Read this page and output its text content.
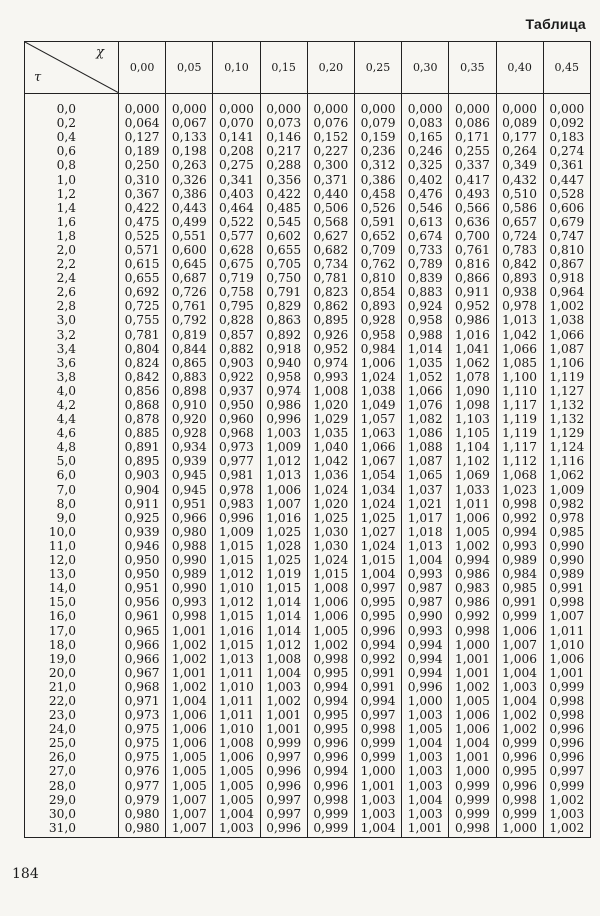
Таблица
χ
τ	0,00	0,05	0,10	0,15	0,20	0,25	0,30	0,35	0,40	0,45
0,0	0,000	0,000	0,000	0,000	0,000	0,000	0,000	0,000	0,000	0,000
0,2	0,064	0,067	0,070	0,073	0,076	0,079	0,083	0,086	0,089	0,092
0,4	0,127	0,133	0,141	0,146	0,152	0,159	0,165	0,171	0,177	0,183
0,6	0,189	0,198	0,208	0,217	0,227	0,236	0,246	0,255	0,264	0,274
0,8	0,250	0,263	0,275	0,288	0,300	0,312	0,325	0,337	0,349	0,361
1,0	0,310	0,326	0,341	0,356	0,371	0,386	0,402	0,417	0,432	0,447
1,2	0,367	0,386	0,403	0,422	0,440	0,458	0,476	0,493	0,510	0,528
1,4	0,422	0,443	0,464	0,485	0,506	0,526	0,546	0,566	0,586	0,606
1,6	0,475	0,499	0,522	0,545	0,568	0,591	0,613	0,636	0,657	0,679
1,8	0,525	0,551	0,577	0,602	0,627	0,652	0,674	0,700	0,724	0,747
2,0	0,571	0,600	0,628	0,655	0,682	0,709	0,733	0,761	0,783	0,810
2,2	0,615	0,645	0,675	0,705	0,734	0,762	0,789	0,816	0,842	0,867
2,4	0,655	0,687	0,719	0,750	0,781	0,810	0,839	0,866	0,893	0,918
2,6	0,692	0,726	0,758	0,791	0,823	0,854	0,883	0,911	0,938	0,964
2,8	0,725	0,761	0,795	0,829	0,862	0,893	0,924	0,952	0,978	1,002
3,0	0,755	0,792	0,828	0,863	0,895	0,928	0,958	0,986	1,013	1,038
3,2	0,781	0,819	0,857	0,892	0,926	0,958	0,988	1,016	1,042	1,066
3,4	0,804	0,844	0,882	0,918	0,952	0,984	1,014	1,041	1,066	1,087
3,6	0,824	0,865	0,903	0,940	0,974	1,006	1,035	1,062	1,085	1,106
3,8	0,842	0,883	0,922	0,958	0,993	1,024	1,052	1,078	1,100	1,119
4,0	0,856	0,898	0,937	0,974	1,008	1,038	1,066	1,090	1,110	1,127
4,2	0,868	0,910	0,950	0,986	1,020	1,049	1,076	1,098	1,117	1,132
4,4	0,878	0,920	0,960	0,996	1,029	1,057	1,082	1,103	1,119	1,132
4,6	0,885	0,928	0,968	1,003	1,035	1,063	1,086	1,105	1,119	1,129
4,8	0,891	0,934	0,973	1,009	1,040	1,066	1,088	1,104	1,117	1,124
5,0	0,895	0,939	0,977	1,012	1,042	1,067	1,087	1,102	1,112	1,116
6,0	0,903	0,945	0,981	1,013	1,036	1,054	1,065	1,069	1,068	1,062
7,0	0,904	0,945	0,978	1,006	1,024	1,034	1,037	1,033	1,023	1,009
8,0	0,911	0,951	0,983	1,007	1,020	1,024	1,021	1,011	0,998	0,982
9,0	0,925	0,966	0,996	1,016	1,025	1,025	1,017	1,006	0,992	0,978
10,0	0,939	0,980	1,009	1,025	1,030	1,027	1,018	1,005	0,994	0,985
11,0	0,946	0,988	1,015	1,028	1,030	1,024	1,013	1,002	0,993	0,990
12,0	0,950	0,990	1,015	1,025	1,024	1,015	1,004	0,994	0,989	0,990
13,0	0,950	0,989	1,012	1,019	1,015	1,004	0,993	0,986	0,984	0,989
14,0	0,951	0,990	1,010	1,015	1,008	0,997	0,987	0,983	0,985	0,991
15,0	0,956	0,993	1,012	1,014	1,006	0,995	0,987	0,986	0,991	0,998
16,0	0,961	0,998	1,015	1,014	1,006	0,995	0,990	0,992	0,999	1,007
17,0	0,965	1,001	1,016	1,014	1,005	0,996	0,993	0,998	1,006	1,011
18,0	0,966	1,002	1,015	1,012	1,002	0,994	0,994	1,000	1,007	1,010
19,0	0,966	1,002	1,013	1,008	0,998	0,992	0,994	1,001	1,006	1,006
20,0	0,967	1,001	1,011	1,004	0,995	0,991	0,994	1,001	1,004	1,001
21,0	0,968	1,002	1,010	1,003	0,994	0,991	0,996	1,002	1,003	0,999
22,0	0,971	1,004	1,011	1,002	0,994	0,994	1,000	1,005	1,004	0,998
23,0	0,973	1,006	1,011	1,001	0,995	0,997	1,003	1,006	1,002	0,998
24,0	0,975	1,006	1,010	1,001	0,995	0,998	1,005	1,006	1,002	0,996
25,0	0,975	1,006	1,008	0,999	0,996	0,999	1,004	1,004	0,999	0,996
26,0	0,975	1,005	1,006	0,997	0,996	0,999	1,003	1,001	0,996	0,996
27,0	0,976	1,005	1,005	0,996	0,994	1,000	1,003	1,000	0,995	0,997
28,0	0,977	1,005	1,005	0,996	0,996	1,001	1,003	0,999	0,996	0,999
29,0	0,979	1,007	1,005	0,997	0,998	1,003	1,004	0,999	0,998	1,002
30,0	0,980	1,007	1,004	0,997	0,999	1,003	1,003	0,999	0,999	1,003
31,0	0,980	1,007	1,003	0,996	0,999	1,004	1,001	0,998	1,000	1,002
184
